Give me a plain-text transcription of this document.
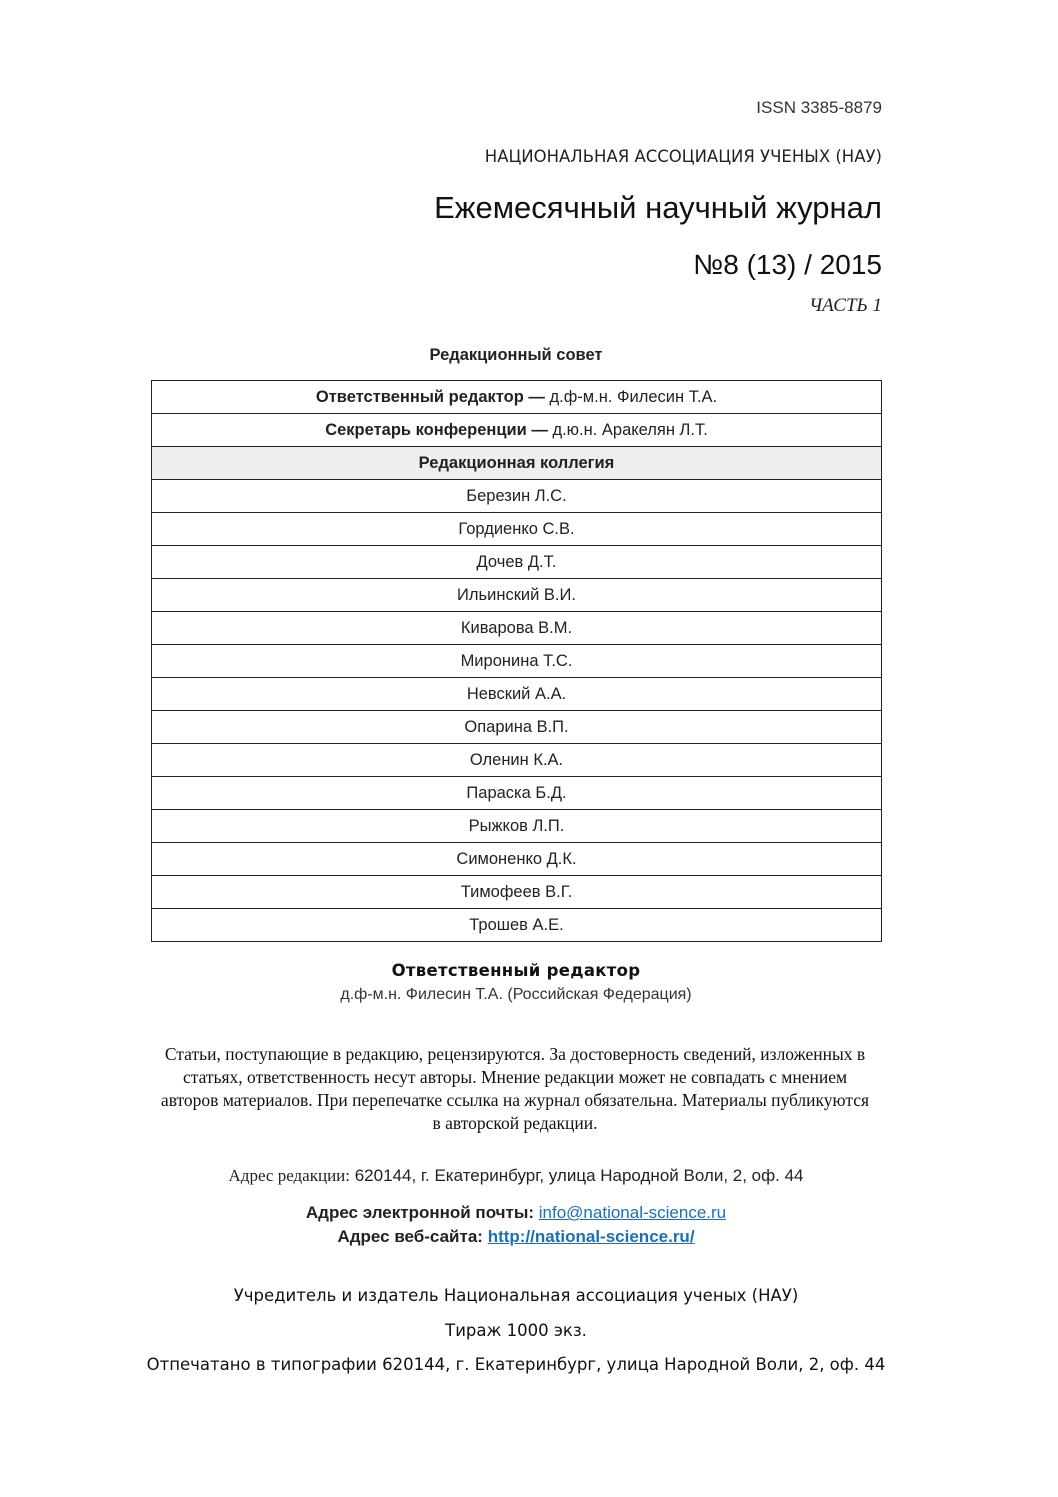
ISSN 3385-8879
НАЦИОНАЛЬНАЯ АССОЦИАЦИЯ УЧЕНЫХ (НАУ)
Ежемесячный научный журнал
№8 (13) / 2015
ЧАСТЬ 1
Редакционный совет
Ответственный редактор — д.ф-м.н. Филесин Т.А.
Секретарь конференции — д.ю.н. Аракелян Л.Т.
Редакционная коллегия
Березин Л.С.
Гордиенко С.В.
Дочев Д.Т.
Ильинский В.И.
Киварова В.М.
Миронина Т.С.
Невский А.А.
Опарина В.П.
Оленин К.А.
Параска Б.Д.
Рыжков Л.П.
Симоненко Д.К.
Тимофеев В.Г.
Трошев А.Е.
Ответственный редактор
д.ф-м.н. Филесин Т.А. (Российская Федерация)
Статьи, поступающие в редакцию, рецензируются. За достоверность сведений, изложенных в статьях, ответственность несут авторы. Мнение редакции может не совпадать с мнением авторов материалов. При перепечатке ссылка на журнал обязательна. Материалы публикуются в авторской редакции.
Адрес редакции: 620144, г. Екатеринбург, улица Народной Воли, 2, оф. 44
Адрес электронной почты: info@national-science.ru
Адрес веб-сайта: http://national-science.ru/
Учредитель и издатель Национальная ассоциация ученых (НАУ)
Тираж 1000 экз.
Отпечатано в типографии 620144, г. Екатеринбург, улица Народной Воли, 2, оф. 44
